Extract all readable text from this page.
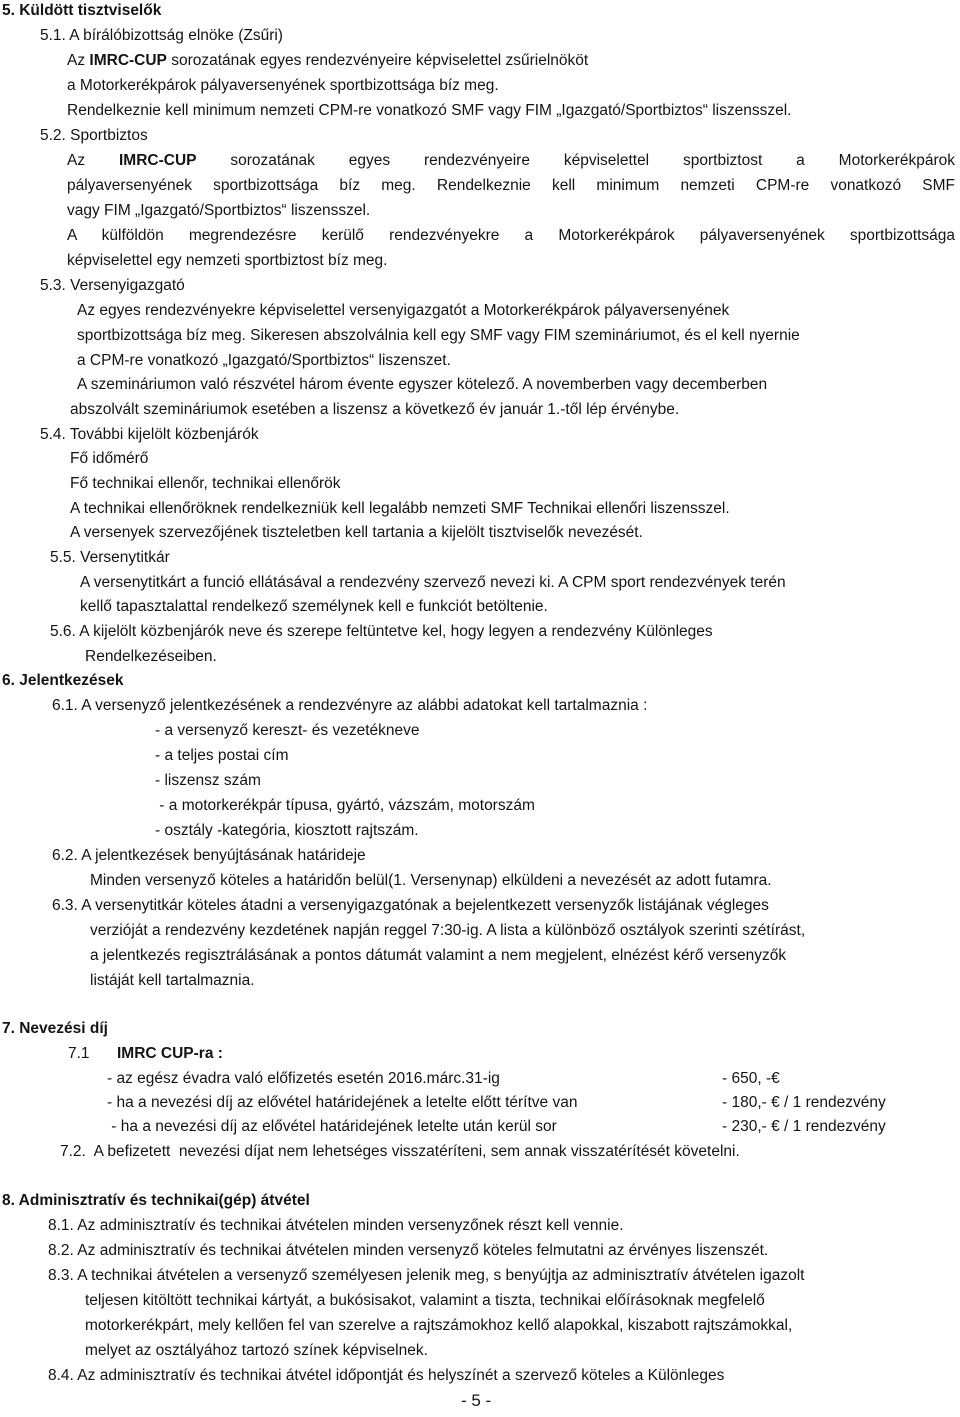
5. Küldött tisztviselők
5.1. A bírálóbizottság elnöke (Zsűri)
Az IMRC-CUP sorozatának egyes rendezvényeire képviselettel zsűrielnököt
a Motorkerékpárok pályaversenyének sportbizottsága bíz meg.
Rendelkeznie kell minimum nemzeti CPM-re vonatkozó SMF vagy FIM „Igazgató/Sportbiztos“ liszensszel.
5.2. Sportbiztos
Az IMRC-CUP sorozatának egyes rendezvényeire képviselettel sportbiztost a Motorkerékpárok
pályaversenyének sportbizottsága bíz meg. Rendelkeznie kell minimum nemzeti CPM-re vonatkozó SMF
vagy FIM „Igazgató/Sportbiztos“ liszensszel.
A külföldön megrendezésre kerülő rendezvényekre a Motorkerékpárok pályaversenyének sportbizottsága
képviselettel egy nemzeti sportbiztost bíz meg.
5.3. Versenyigazgató
Az egyes rendezvényekre képviselettel versenyigazgatót a Motorkerékpárok pályaversenyének
sportbizottsága bíz meg. Sikeresen abszolválnia kell egy SMF vagy FIM szemináriumot, és el kell nyernie
a CPM-re vonatkozó „Igazgató/Sportbiztos“ liszenszet.
A szemináriumon való részvétel három évente egyszer kötelező. A novemberben vagy decemberben
abszolvált szemináriumok esetében a liszensz a következő év január 1.-től lép érvénybe.
5.4. További kijelölt közbenjárók
Fő időmérő
Fő technikai ellenőr, technikai ellenőrök
A technikai ellenőröknek rendelkezniük kell legalább nemzeti SMF Technikai ellenőri liszensszel.
A versenyek szervezőjének tiszteletben kell tartania a kijelölt tisztviselők nevezését.
5.5. Versenytitkár
A versenytitkárt a funció ellátásával a rendezvény szervező nevezi ki. A CPM sport rendezvények terén
kellő tapasztalattal rendelkező személynek kell e funkciót betöltenie.
5.6. A kijelölt közbenjárók neve és szerepe feltüntetve kel, hogy legyen a rendezvény Különleges
Rendelkezéseiben.
6. Jelentkezések
6.1. A versenyző jelentkezésének a rendezvényre az alábbi adatokat kell tartalmaznia :
- a versenyző kereszt- és vezetékneve
- a teljes postai cím
- liszensz szám
- a motorkerékpár típusa, gyártó, vázszám, motorszám
- osztály -kategória, kiosztott rajtszám.
6.2. A jelentkezések benyújtásának határideje
Minden versenyző köteles a határidőn belül(1. Versenynap) elküldeni a nevezését az adott futamra.
6.3. A versenytitkár köteles átadni a versenyigazgatónak a bejelentkezett versenyzők listájának végleges
verzióját a rendezvény kezdetének napján reggel 7:30-ig. A lista a különböző osztályok szerinti szétírást,
a jelentkezés regisztrálásának a pontos dátumát valamint a nem megjelent, elnézést kérő versenyzők
listáját kell tartalmaznia.
7. Nevezési díj
7.1 IMRC CUP-ra :
- az egész évadra való előfizetés esetén 2016.márc.31-ig	- 650, -€
- ha a nevezési díj az elővétel határidejének a letelte előtt térítve van	- 180,- € / 1 rendezvény
- ha a nevezési díj az elővétel határidejének letelte után kerül sor	- 230,- € / 1 rendezvény
7.2.  A befizetett  nevezési díjat nem lehetséges visszatéríteni, sem annak visszatérítését követelni.
8. Adminisztratív és technikai(gép) átvétel
8.1. Az adminisztratív és technikai átvételen minden versenyzőnek részt kell vennie.
8.2. Az adminisztratív és technikai átvételen minden versenyző köteles felmutatni az érvényes liszenszét.
8.3. A technikai átvételen a versenyző személyesen jelenik meg, s benyújtja az adminisztratív átvételen igazolt
teljesen kitöltött technikai kártyát, a bukósisakot, valamint a tiszta, technikai előírásoknak megfelelő
motorkerékpárt, mely kellően fel van szerelve a rajtszámokhoz kellő alapokkal, kiszabott rajtszámokkal,
melyet az osztályához tartozó színek képviselnek.
8.4. Az adminisztratív és technikai átvétel időpontját és helyszínét a szervező köteles a Különleges
- 5 -
